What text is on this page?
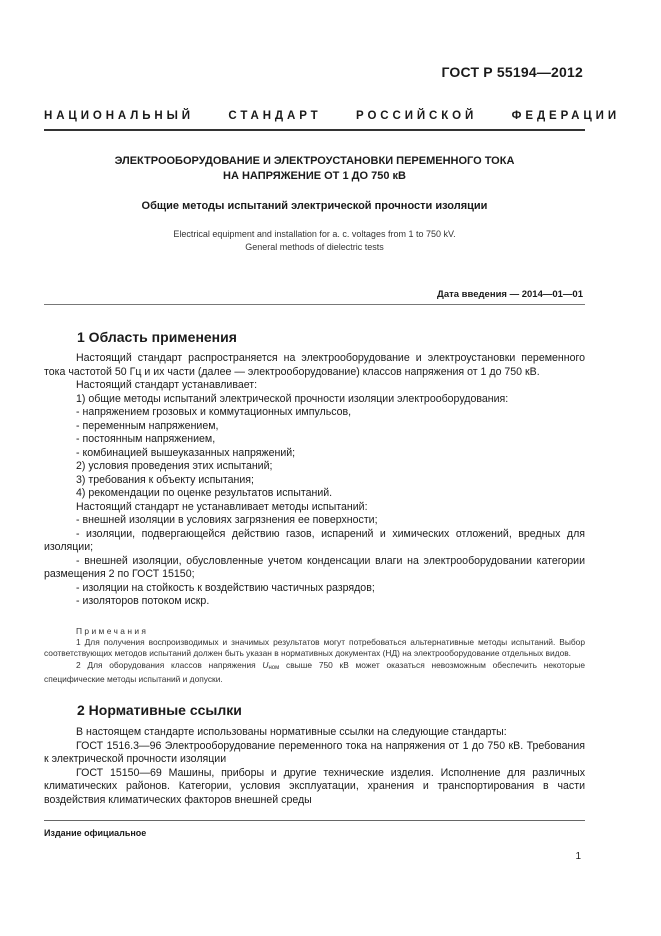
ГОСТ Р 55194—2012
НАЦИОНАЛЬНЫЙ СТАНДАРТ РОССИЙСКОЙ ФЕДЕРАЦИИ
ЭЛЕКТРООБОРУДОВАНИЕ И ЭЛЕКТРОУСТАНОВКИ ПЕРЕМЕННОГО ТОКА
НА НАПРЯЖЕНИЕ ОТ 1 ДО 750 кВ
Общие методы испытаний электрической прочности изоляции
Electrical equipment and installation for a. c. voltages from 1 to 750 kV.
General methods of dielectric tests
Дата введения — 2014—01—01
1 Область применения

Настоящий стандарт распространяется на электрооборудование и электроустановки переменного тока частотой 50 Гц и их части (далее — электрооборудование) классов напряжения от 1 до 750 кВ.

Настоящий стандарт устанавливает:

1) общие методы испытаний электрической прочности изоляции электрооборудования:

- напряжением грозовых и коммутационных импульсов,

- переменным напряжением,

- постоянным напряжением,

- комбинацией вышеуказанных напряжений;

2) условия проведения этих испытаний;

3) требования к объекту испытания;

4) рекомендации по оценке результатов испытаний.

Настоящий стандарт не устанавливает методы испытаний:

- внешней изоляции в условиях загрязнения ее поверхности;

- изоляции, подвергающейся действию газов, испарений и химических отложений, вредных для изоляции;

- внешней изоляции, обусловленные учетом конденсации влаги на электрооборудовании категории размещения 2 по ГОСТ 15150;

- изоляции на стойкость к воздействию частичных разрядов;

- изоляторов потоком искр.

Примечания

1 Для получения воспроизводимых и значимых результатов могут потребоваться альтернативные методы испытаний. Выбор соответствующих методов испытаний должен быть указан в нормативных документах (НД) на электрооборудование отдельных видов.

2 Для оборудования классов напряжения Uном свыше 750 кВ может оказаться невозможным обеспечить некоторые специфические методы испытаний и допуски.

2 Нормативные ссылки

В настоящем стандарте использованы нормативные ссылки на следующие стандарты:

ГОСТ 1516.3—96 Электрооборудование переменного тока на напряжения от 1 до 750 кВ. Требования к электрической прочности изоляции

ГОСТ 15150—69 Машины, приборы и другие технические изделия. Исполнение для различных климатических районов. Категории, условия эксплуатации, хранения и транспортирования в части воздействия климатических факторов внешней среды

Издание официальное
1
